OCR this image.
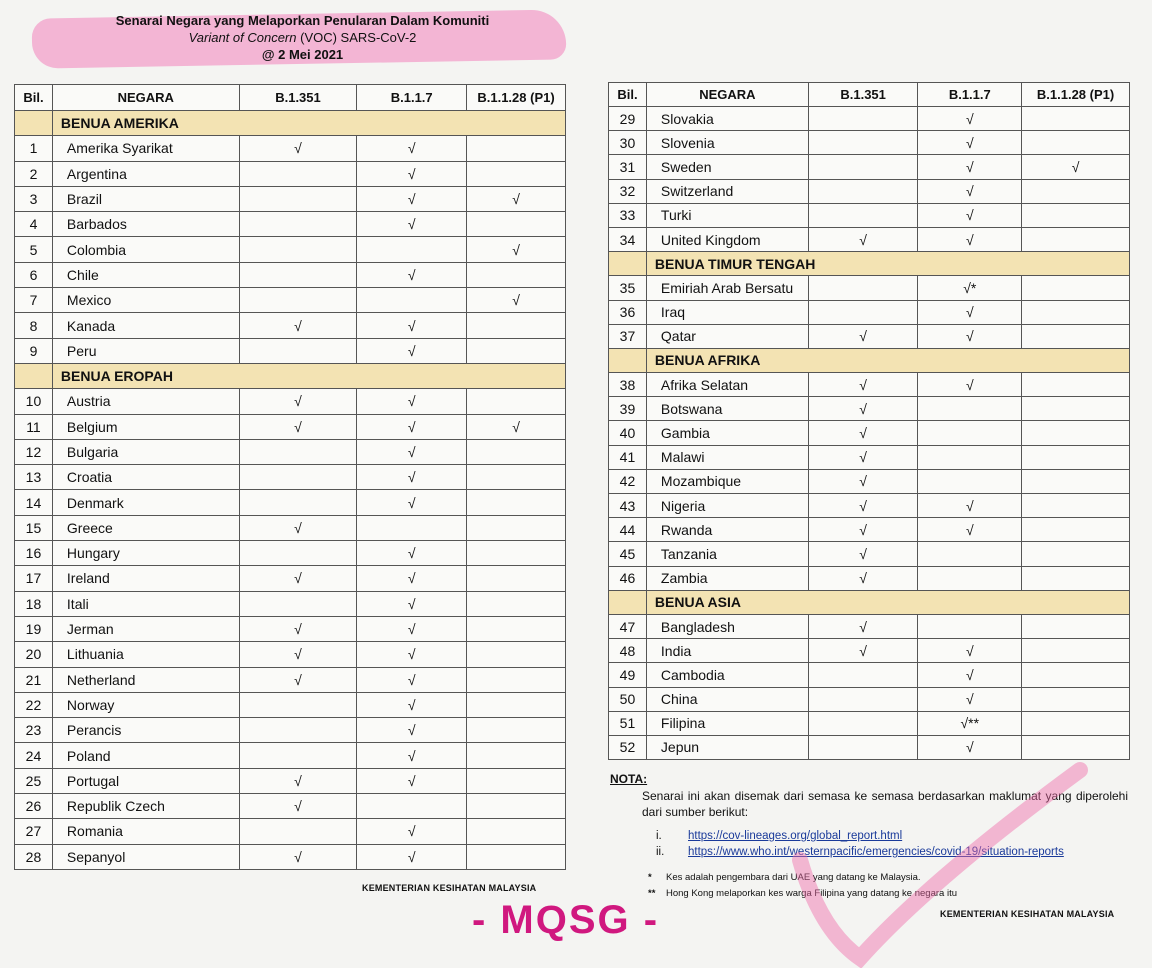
Senarai Negara yang Melaporkan Penularan Dalam Komuniti
Variant of Concern (VOC) SARS-CoV-2
@ 2 Mei 2021
Bil.	NEGARA	B.1.351	B.1.1.7	B.1.1.28 (P1)
	BENUA AMERIKA			
1	Amerika Syarikat	√	√	
2	Argentina		√	
3	Brazil		√	√
4	Barbados		√	
5	Colombia			√
6	Chile		√	
7	Mexico			√
8	Kanada	√	√	
9	Peru		√	
	BENUA EROPAH			
10	Austria	√	√	
11	Belgium	√	√	√
12	Bulgaria		√	
13	Croatia		√	
14	Denmark		√	
15	Greece	√		
16	Hungary		√	
17	Ireland	√	√	
18	Itali		√	
19	Jerman	√	√	
20	Lithuania	√	√	
21	Netherland	√	√	
22	Norway		√	
23	Perancis		√	
24	Poland		√	
25	Portugal	√	√	
26	Republik Czech	√		
27	Romania		√	
28	Sepanyol	√	√	
Bil.	NEGARA	B.1.351	B.1.1.7	B.1.1.28 (P1)
29	Slovakia		√	
30	Slovenia		√	
31	Sweden		√	√
32	Switzerland		√	
33	Turki		√	
34	United Kingdom	√	√	
	BENUA TIMUR TENGAH			
35	Emiriah Arab Bersatu		√*	
36	Iraq		√	
37	Qatar	√	√	
	BENUA AFRIKA			
38	Afrika Selatan	√	√	
39	Botswana	√		
40	Gambia	√		
41	Malawi	√		
42	Mozambique	√		
43	Nigeria	√	√	
44	Rwanda	√	√	
45	Tanzania	√		
46	Zambia	√		
	BENUA ASIA			
47	Bangladesh	√		
48	India	√	√	
49	Cambodia		√	
50	China		√	
51	Filipina		√**	
52	Jepun		√	
KEMENTERIAN KESIHATAN MALAYSIA
NOTA:
Senarai ini akan disemak dari semasa ke semasa berdasarkan maklumat yang diperolehi dari sumber berikut:
i. https://cov-lineages.org/global_report.html
ii. https://www.who.int/westernpacific/emergencies/covid-19/situation-reports
* Kes adalah pengembara dari UAE yang datang ke Malaysia.
** Hong Kong melaporkan kes warga Filipina yang datang ke negara itu
KEMENTERIAN KESIHATAN MALAYSIA
- MQSG -
